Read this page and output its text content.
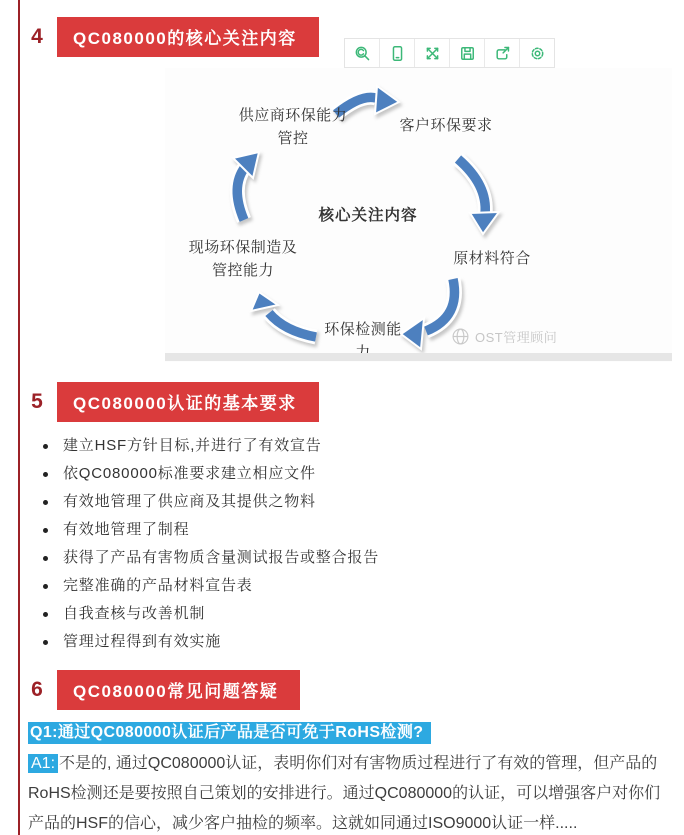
4	QC080000的核心关注内容
供应商环保能力
管控
客户环保要求
原材料符合
环保检测能
现场环保制造及
管控能力
核心关注内容
OST管理顾问
5	QC080000认证的基本要求
建立HSF方针目标,并进行了有效宣告
依QC080000标准要求建立相应文件
有效地管理了供应商及其提供之物料
有效地管理了制程
获得了产品有害物质含量测试报告或整合报告
完整准确的产品材料宣告表
自我查核与改善机制
管理过程得到有效实施
6	QC080000常见问题答疑
Q1:通过QC080000认证后产品是否可免于RoHS检测?
A1: 不是的, 通过QC080000认证，表明你们对有害物质过程进行了有效的管理，但产品的
RoHS检测还是要按照自己策划的安排进行。通过QC080000的认证，可以增强客户对你们
产品的HSF的信心，减少客户抽检的频率。这就如同通过ISO9000认证一样.....
